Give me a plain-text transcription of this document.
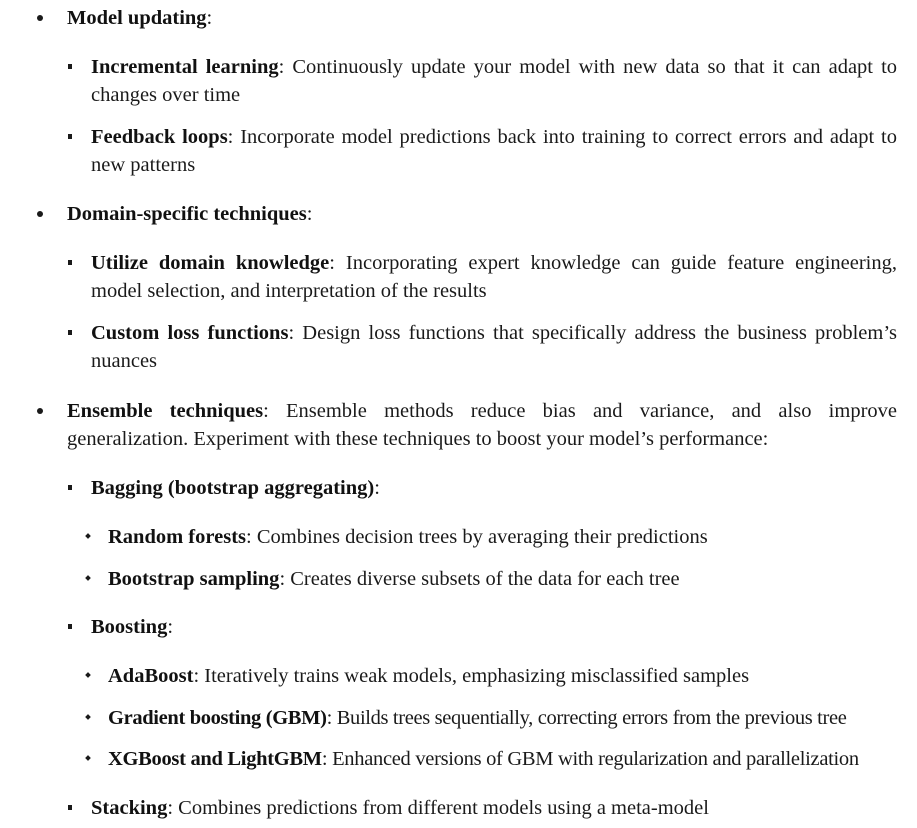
Model updating:
Incremental learning: Continuously update your model with new data so that it can adapt to changes over time
Feedback loops: Incorporate model predictions back into training to correct errors and adapt to new patterns
Domain-specific techniques:
Utilize domain knowledge: Incorporating expert knowledge can guide feature engineering, model selection, and interpretation of the results
Custom loss functions: Design loss functions that specifically address the business problem’s nuances
Ensemble techniques: Ensemble methods reduce bias and variance, and also improve generalization. Experiment with these techniques to boost your model’s performance:
Bagging (bootstrap aggregating):
Random forests: Combines decision trees by averaging their predictions
Bootstrap sampling: Creates diverse subsets of the data for each tree
Boosting:
AdaBoost: Iteratively trains weak models, emphasizing misclassified samples
Gradient boosting (GBM): Builds trees sequentially, correcting errors from the previous tree
XGBoost and LightGBM: Enhanced versions of GBM with regularization and parallelization
Stacking: Combines predictions from different models using a meta-model
